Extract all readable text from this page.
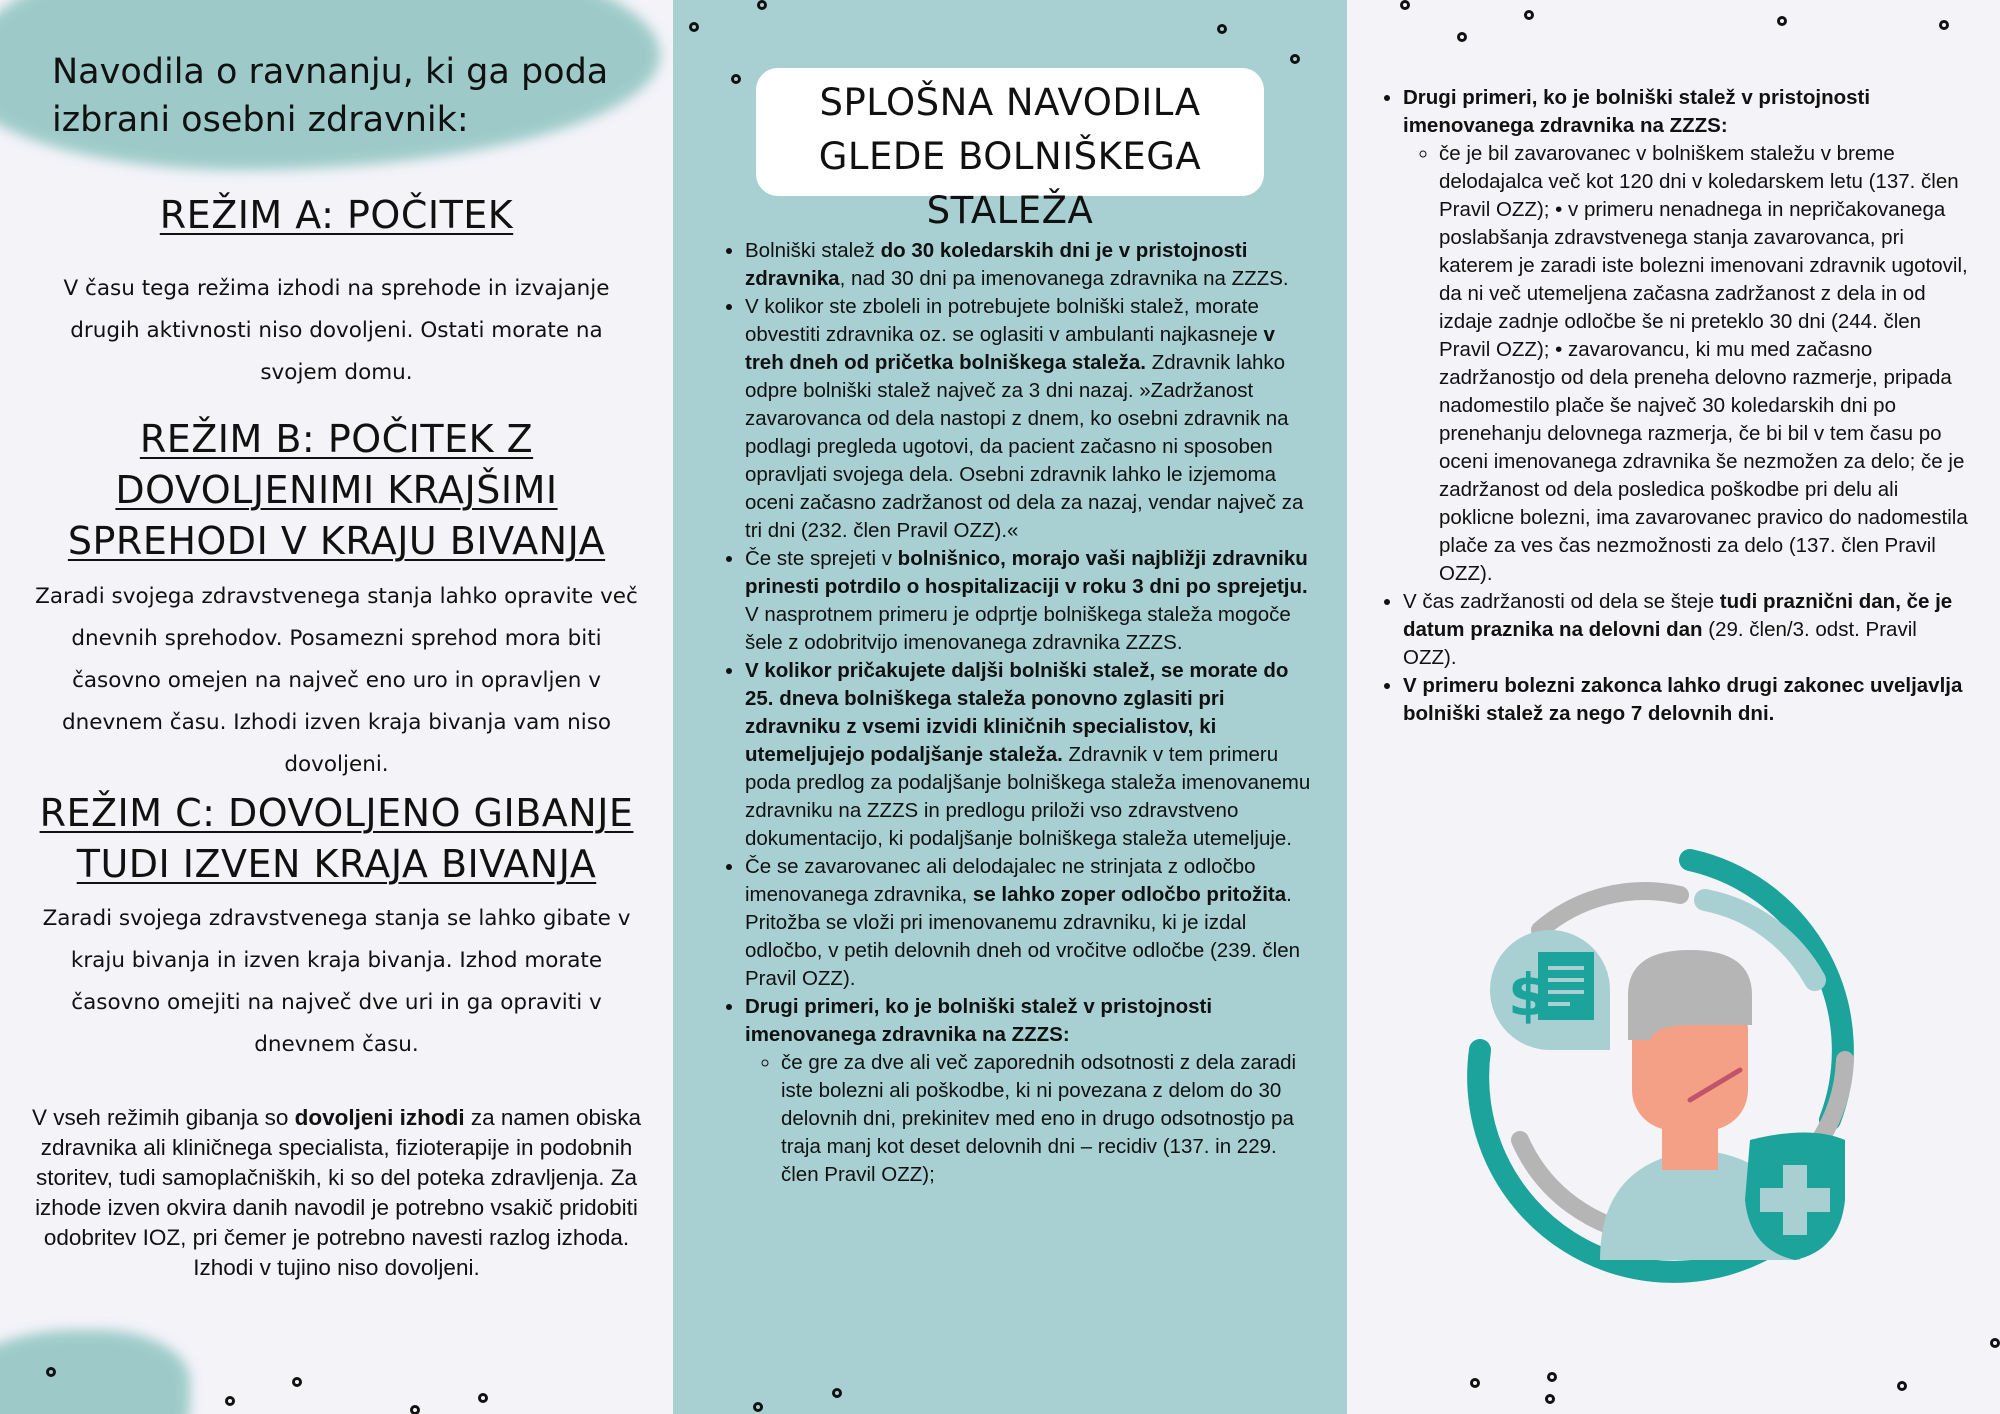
Navodila o ravnanju, ki ga poda izbrani osebni zdravnik:
REŽIM A: POČITEK
V času tega režima izhodi na sprehode in izvajanje drugih aktivnosti niso dovoljeni. Ostati morate na svojem domu.
REŽIM B: POČITEK Z DOVOLJENIMI KRAJŠIMI SPREHODI V KRAJU BIVANJA
Zaradi svojega zdravstvenega stanja lahko opravite več dnevnih sprehodov. Posamezni sprehod mora biti časovno omejen na največ eno uro in opravljen v dnevnem času. Izhodi izven kraja bivanja vam niso dovoljeni.
REŽIM C: DOVOLJENO GIBANJE TUDI IZVEN KRAJA BIVANJA
Zaradi svojega zdravstvenega stanja se lahko gibate v kraju bivanja in izven kraja bivanja. Izhod morate časovno omejiti na največ dve uri in ga opraviti v dnevnem času.
V vseh režimih gibanja so dovoljeni izhodi za namen obiska zdravnika ali kliničnega specialista, fizioterapije in podobnih storitev, tudi samoplačniških, ki so del poteka zdravljenja. Za izhode izven okvira danih navodil je potrebno vsakič pridobiti odobritev IOZ, pri čemer je potrebno navesti razlog izhoda. Izhodi v tujino niso dovoljeni.
SPLOŠNA NAVODILA GLEDE BOLNIŠKEGA STALEŽA
• Bolniški stalež do 30 koledarskih dni je v pristojnosti zdravnika, nad 30 dni pa imenovanega zdravnika na ZZZS.
• V kolikor ste zboleli in potrebujete bolniški stalež, morate obvestiti zdravnika oz. se oglasiti v ambulanti najkasneje v treh dneh od pričetka bolniškega staleža. Zdravnik lahko odpre bolniški stalež največ za 3 dni nazaj. »Zadržanost zavarovanca od dela nastopi z dnem, ko osebni zdravnik na podlagi pregleda ugotovi, da pacient začasno ni sposoben opravljati svojega dela. Osebni zdravnik lahko le izjemoma oceni začasno zadržanost od dela za nazaj, vendar največ za tri dni (232. člen Pravil OZZ).«
• Če ste sprejeti v bolnišnico, morajo vaši najbližji zdravniku prinesti potrdilo o hospitalizaciji v roku 3 dni po sprejetju. V nasprotnem primeru je odprtje bolniškega staleža mogoče šele z odobritvijo imenovanega zdravnika ZZZS.
• V kolikor pričakujete daljši bolniški stalež, se morate do 25. dneva bolniškega staleža ponovno zglasiti pri zdravniku z vsemi izvidi kliničnih specialistov, ki utemeljujejo podaljšanje staleža. Zdravnik v tem primeru poda predlog za podaljšanje bolniškega staleža imenovanemu zdravniku na ZZZS in predlogu priloži vso zdravstveno dokumentacijo, ki podaljšanje bolniškega staleža utemeljuje.
• Če se zavarovanec ali delodajalec ne strinjata z odločbo imenovanega zdravnika, se lahko zoper odločbo pritožita. Pritožba se vloži pri imenovanemu zdravniku, ki je izdal odločbo, v petih delovnih dneh od vročitve odločbe (239. člen Pravil OZZ).
• Drugi primeri, ko je bolniški stalež v pristojnosti imenovanega zdravnika na ZZZS:
◦ če gre za dve ali več zaporednih odsotnosti z dela zaradi iste bolezni ali poškodbe, ki ni povezana z delom do 30 delovnih dni, prekinitev med eno in drugo odsotnostjo pa traja manj kot deset delovnih dni – recidiv (137. in 229. člen Pravil OZZ);
• Drugi primeri, ko je bolniški stalež v pristojnosti imenovanega zdravnika na ZZZS:
◦ če je bil zavarovanec v bolniškem staležu v breme delodajalca več kot 120 dni v koledarskem letu (137. člen Pravil OZZ); • v primeru nenadnega in nepričakovanega poslabšanja zdravstvenega stanja zavarovanca, pri katerem je zaradi iste bolezni imenovani zdravnik ugotovil, da ni več utemeljena začasna zadržanost z dela in od izdaje zadnje odločbe še ni preteklo 30 dni (244. člen Pravil OZZ); • zavarovancu, ki mu med začasno zadržanostjo od dela preneha delovno razmerje, pripada nadomestilo plače še največ 30 koledarskih dni po prenehanju delovnega razmerja, če bi bil v tem času po oceni imenovanega zdravnika še nezmožen za delo; če je zadržanost od dela posledica poškodbe pri delu ali poklicne bolezni, ima zavarovanec pravico do nadomestila plače za ves čas nezmožnosti za delo (137. člen Pravil OZZ).
• V čas zadržanosti od dela se šteje tudi praznični dan, če je datum praznika na delovni dan (29. člen/3. odst. Pravil OZZ).
• V primeru bolezni zakonca lahko drugi zakonec uveljavlja bolniški stalež za nego 7 delovnih dni.
$
